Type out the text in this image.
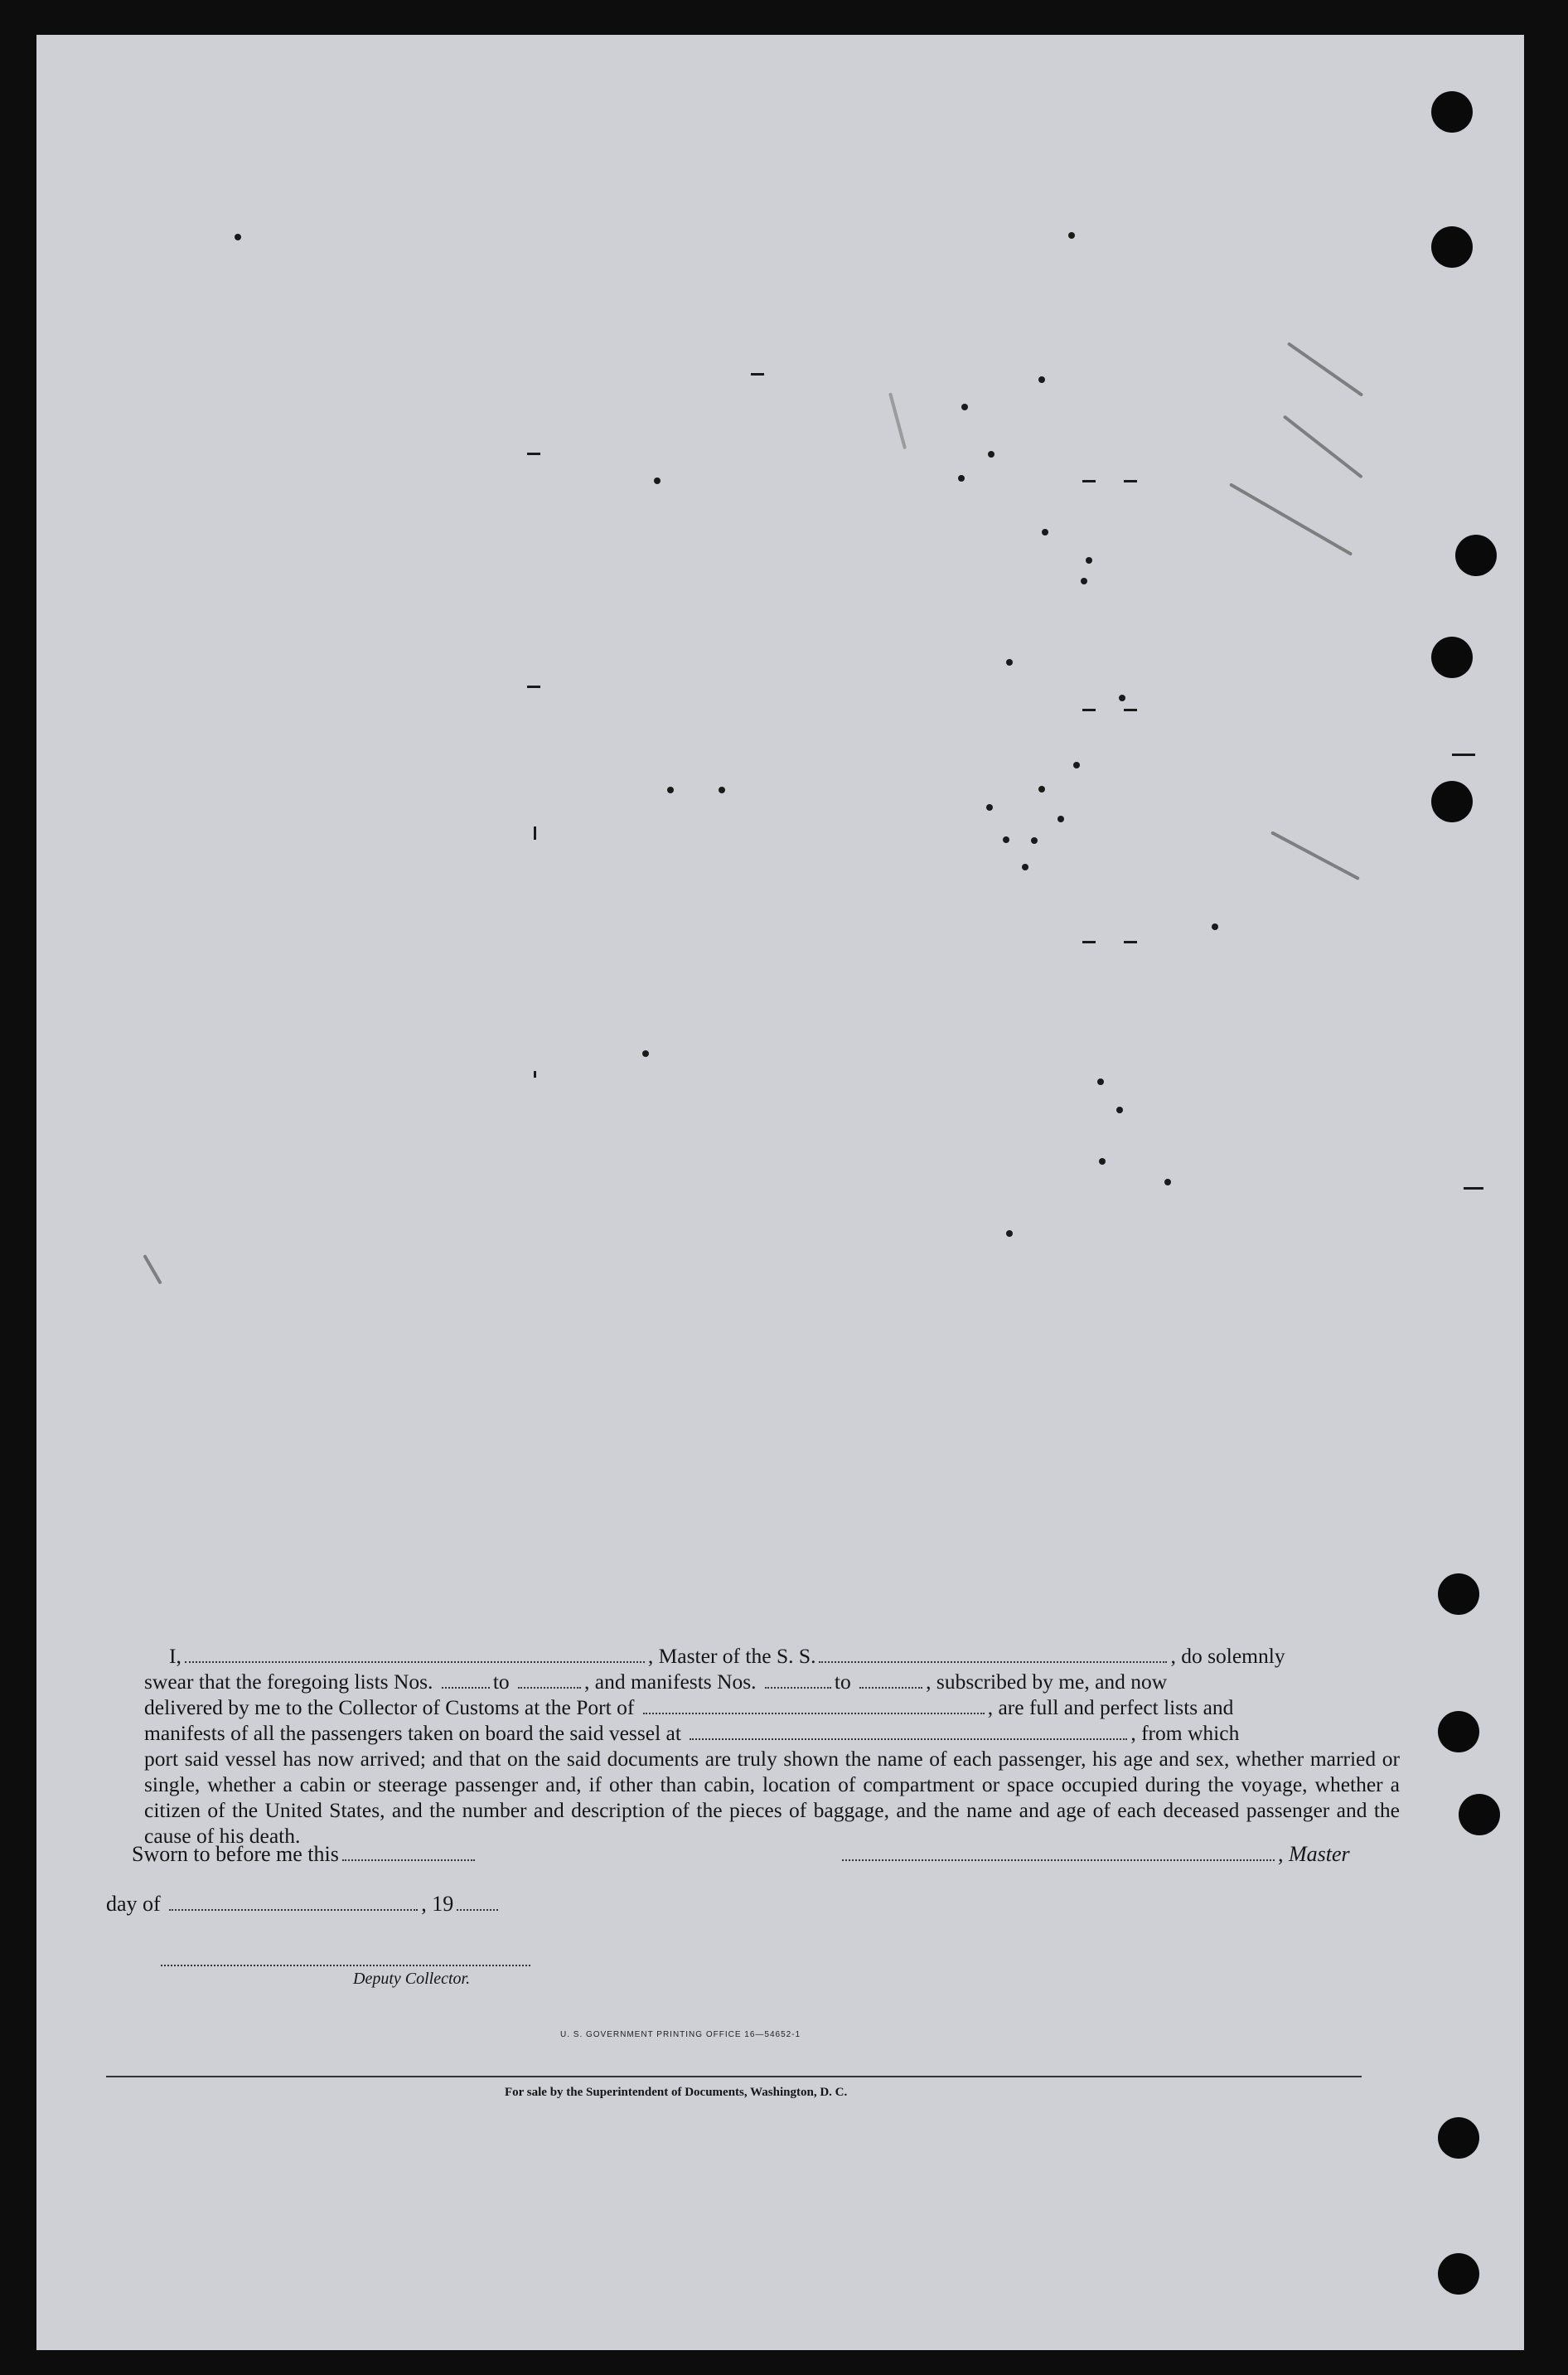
I,	, Master of the S. S.	, do solemnly

swear that the foregoing lists Nos.	to	, and manifests Nos.	to	, subscribed by me, and now

delivered by me to the Collector of Customs at the Port of	, are full and perfect lists and

manifests of all the passengers taken on board the said vessel at	, from which

port said vessel has now arrived; and that on the said documents are truly shown the name of each passenger, his age and sex, whether married or single, whether a cabin or steerage passenger and, if other than cabin, location of compartment or space occupied during the voyage, whether a citizen of the United States, and the number and description of the pieces of baggage, and the name and age of each deceased passenger and the cause of his death.

Sworn to before me this	, Master
day of	, 19
Deputy Collector.
U. S. GOVERNMENT PRINTING OFFICE 16—54652-1
For sale by the Superintendent of Documents, Washington, D. C.
